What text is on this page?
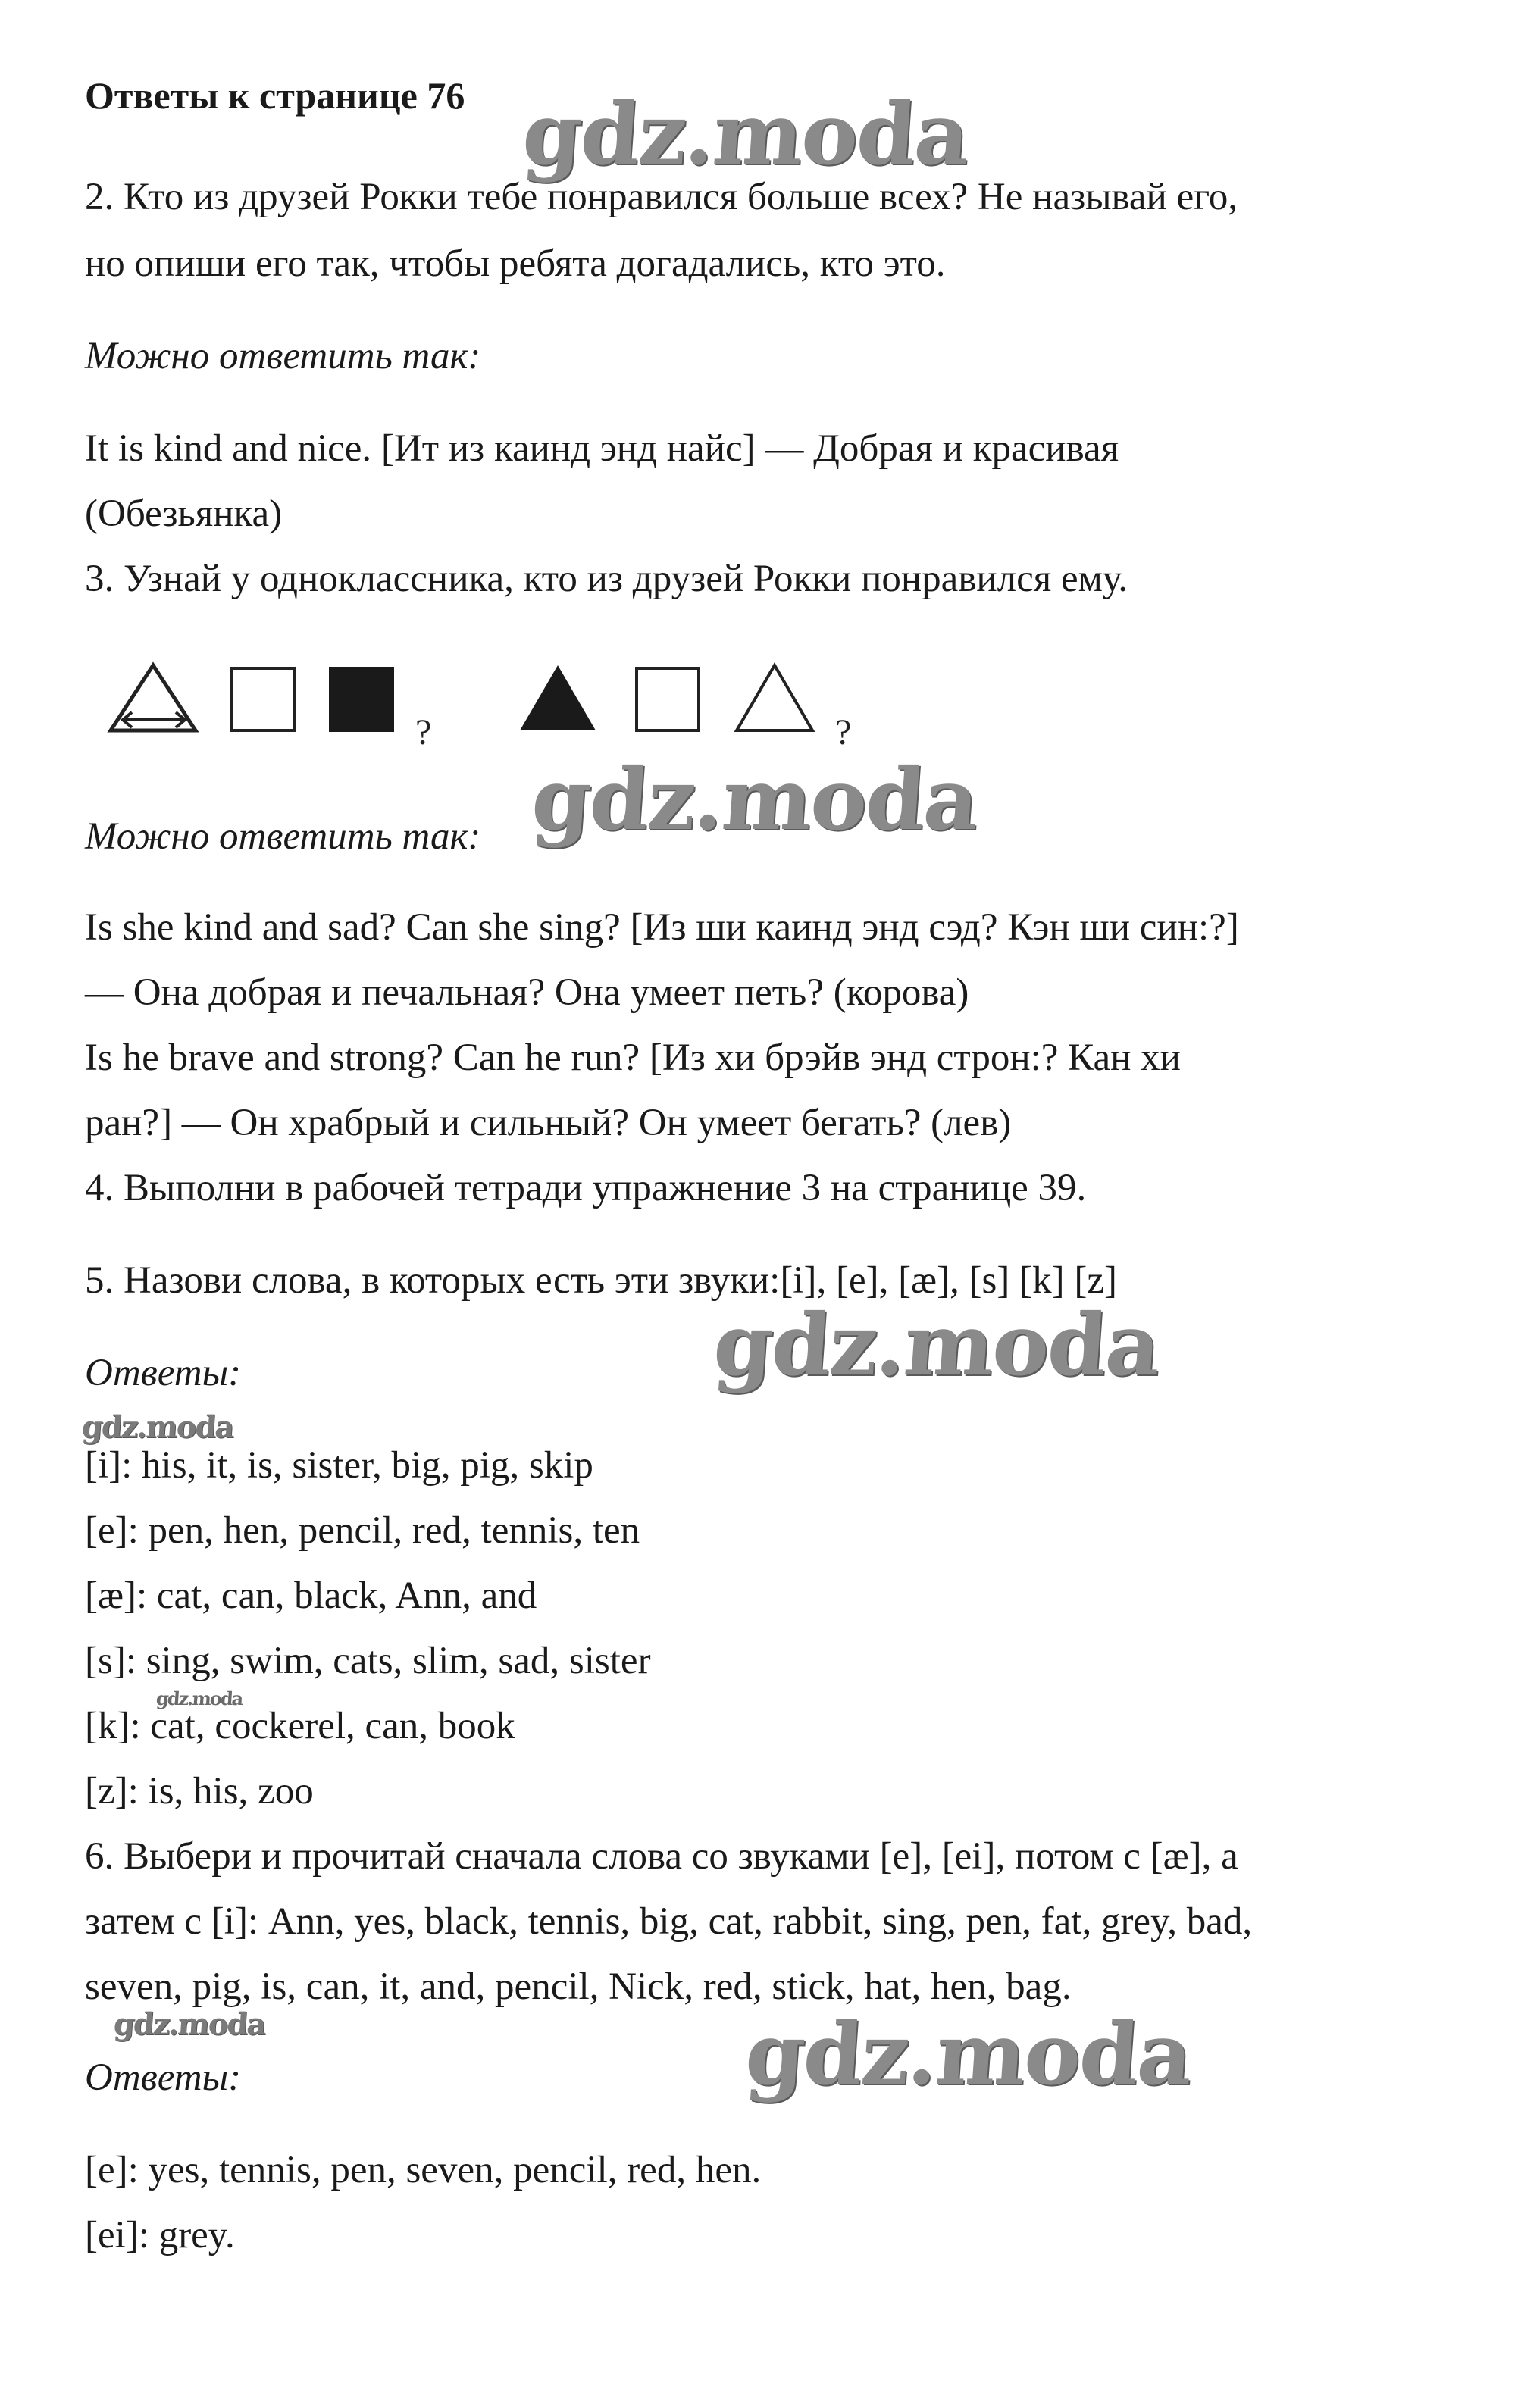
Ответы к странице 76
2. Кто из друзей Рокки тебе понравился больше всех? Не называй его,
но опиши его так, чтобы ребята догадались, кто это.
Можно ответить так:
It is kind and nice. [Ит из каинд энд найс] — Добрая и красивая
(Обезьянка)
3. Узнай у одноклассника, кто из друзей Рокки понравился ему.
Можно ответить так:
Is she kind and sad? Can she sing? [Из ши каинд энд сэд? Кэн ши син:?]
— Она добрая и печальная? Она умеет петь? (корова)
Is he brave and strong? Can he run? [Из хи брэйв энд строн:? Кан хи
ран?] — Он храбрый и сильный? Он умеет бегать? (лев)
4. Выполни в рабочей тетради упражнение 3 на странице 39.
5. Назови слова, в которых есть эти звуки:[i], [e], [æ], [s] [k] [z]
Ответы:
[i]: his, it, is, sister, big, pig, skip
[e]: pen, hen, pencil, red, tennis, ten
[æ]: cat, can, black, Ann, and
[s]: sing, swim, cats, slim, sad, sister
[k]: cat, cockerel, can, book
[z]: is, his, zoo
6. Выбери и прочитай сначала слова со звуками [e], [ei], потом с [æ], а
затем с [i]: Ann, yes, black, tennis, big, cat, rabbit, sing, pen, fat, grey, bad,
seven, pig, is, can, it, and, pencil, Nick, red, stick, hat, hen, bag.
Ответы:
[e]: yes, tennis, pen, seven, pencil, red, hen.
[ei]: grey.
?	?
gdz.moda
gdz.moda
gdz.moda
gdz.moda
gdz.moda
gdz.moda
gdz.moda
